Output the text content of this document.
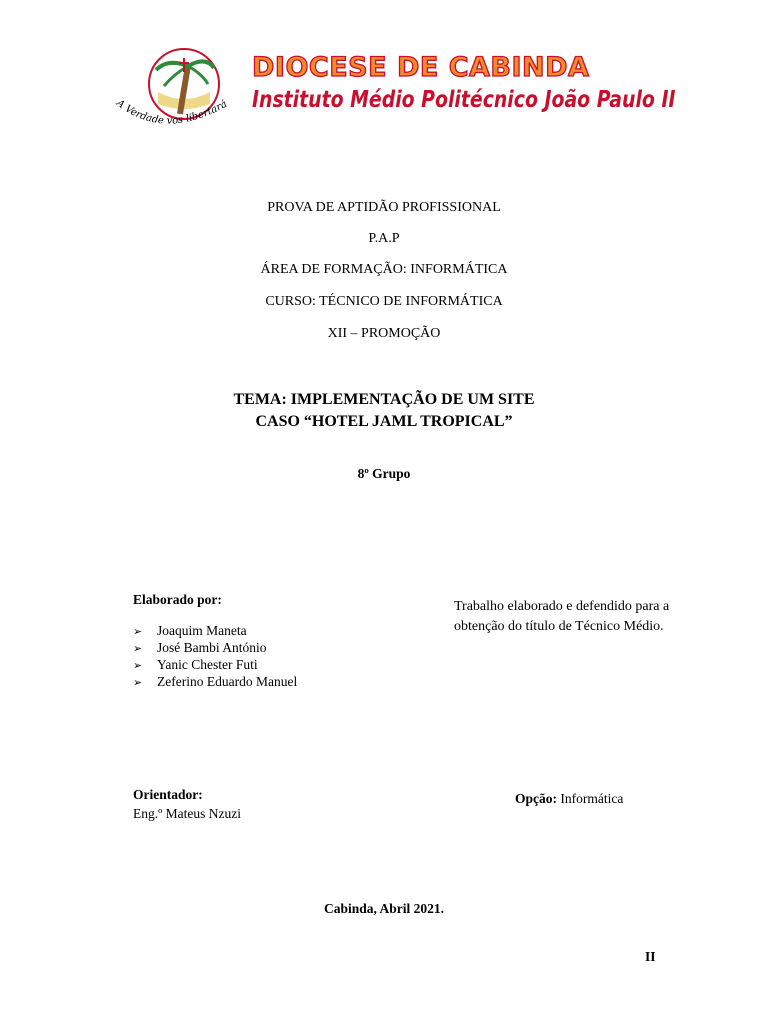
A Verdade vos libertará
DIOCESE DE CABINDA
Instituto Médio Politécnico João Paulo II
PROVA DE APTIDÃO PROFISSIONAL
P.A.P
ÁREA DE FORMAÇÃO: INFORMÁTICA
CURSO: TÉCNICO DE INFORMÁTICA
XII – PROMOÇÃO
TEMA: IMPLEMENTAÇÃO DE UM SITE
CASO “HOTEL JAML TROPICAL”
8º Grupo
Elaborado por:
➢ Joaquim Maneta
➢ José Bambi António
➢ Yanic Chester Futi
➢ Zeferino Eduardo Manuel
Trabalho elaborado e defendido para a
obtenção do título de Técnico Médio.
Orientador:
Eng.º Mateus Nzuzi
Opção: Informática
Cabinda, Abril 2021.
II
